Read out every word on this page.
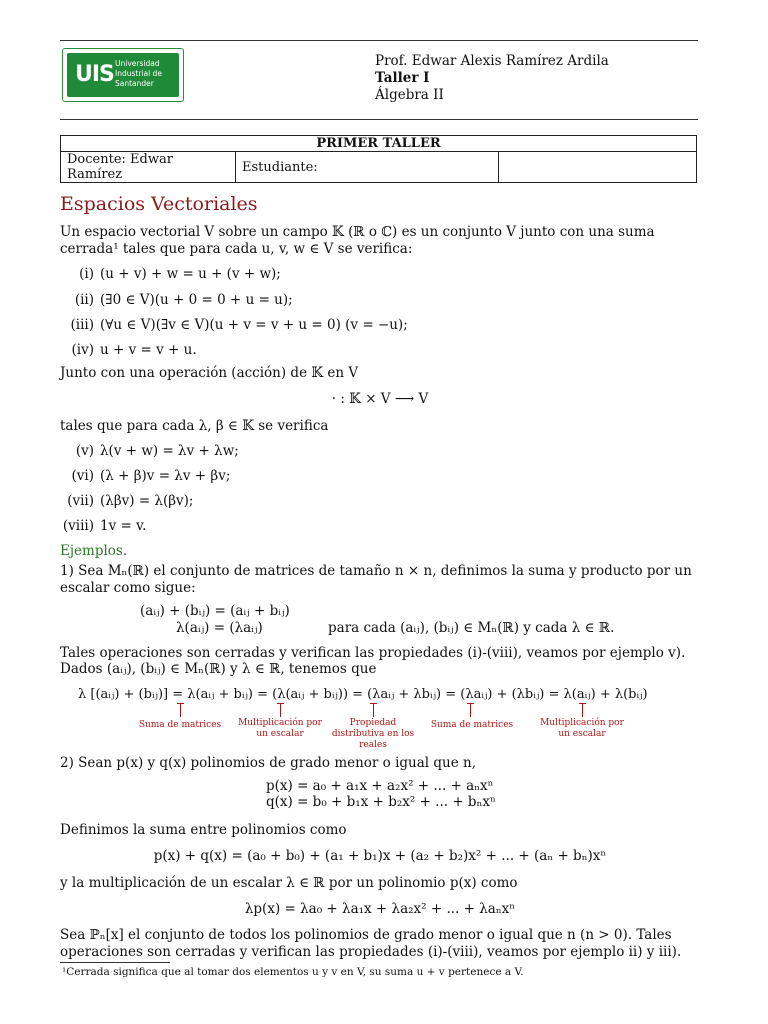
UIS Universidad
Industrial de
Santander
Prof. Edwar Alexis Ramírez Ardila
Taller I
Álgebra II
PRIMER TALLER
Docente: Edwar Ramírez	Estudiante:	
Espacios Vectoriales
Un espacio vectorial V sobre un campo 𝕂 (ℝ o ℂ) es un conjunto V junto con una suma cerrada¹ tales que para cada u, v, w ∈ V se verifica:
(i) (u + v) + w = u + (v + w);
(ii) (∃0 ∈ V)(u + 0 = 0 + u = u);
(iii) (∀u ∈ V)(∃v ∈ V)(u + v = v + u = 0) (v = −u);
(iv) u + v = v + u.
Junto con una operación (acción) de 𝕂 en V
· : 𝕂 × V ⟶ V
tales que para cada λ, β ∈ 𝕂 se verifica
(v) λ(v + w) = λv + λw;
(vi) (λ + β)v = λv + βv;
(vii) (λβv) = λ(βv);
(viii) 1v = v.
Ejemplos.
1) Sea Mₙ(ℝ) el conjunto de matrices de tamaño n × n, definimos la suma y producto por un escalar como sigue:
(aᵢⱼ) + (bᵢⱼ) = (aᵢⱼ + bᵢⱼ)
λ(aᵢⱼ) = (λaᵢⱼ)	para cada (aᵢⱼ), (bᵢⱼ) ∈ Mₙ(ℝ) y cada λ ∈ ℝ.
Tales operaciones son cerradas y verifican las propiedades (i)-(viii), veamos por ejemplo v).
Dados (aᵢⱼ), (bᵢⱼ) ∈ Mₙ(ℝ) y λ ∈ ℝ, tenemos que
λ [(aᵢⱼ) + (bᵢⱼ)] = λ(aᵢⱼ + bᵢⱼ) = (λ(aᵢⱼ + bᵢⱼ)) = (λaᵢⱼ + λbᵢⱼ) = (λaᵢⱼ) + (λbᵢⱼ) = λ(aᵢⱼ) + λ(bᵢⱼ)
Suma de matrices	Multiplicación por un escalar
Propiedad distributiva en los reales
Suma de matrices	Multiplicación por un escalar
2) Sean p(x) y q(x) polinomios de grado menor o igual que n,
p(x) = a₀ + a₁x + a₂x² + ... + aₙxⁿ
q(x) = b₀ + b₁x + b₂x² + ... + bₙxⁿ
Definimos la suma entre polinomios como
p(x) + q(x) = (a₀ + b₀) + (a₁ + b₁)x + (a₂ + b₂)x² + ... + (aₙ + bₙ)xⁿ
y la multiplicación de un escalar λ ∈ ℝ por un polinomio p(x) como
λp(x) = λa₀ + λa₁x + λa₂x² + ... + λaₙxⁿ
Sea ℙₙ[x] el conjunto de todos los polinomios de grado menor o igual que n (n > 0). Tales operaciones son cerradas y verifican las propiedades (i)-(viii), veamos por ejemplo ii) y iii).
¹Cerrada significa que al tomar dos elementos u y v en V, su suma u + v pertenece a V.
